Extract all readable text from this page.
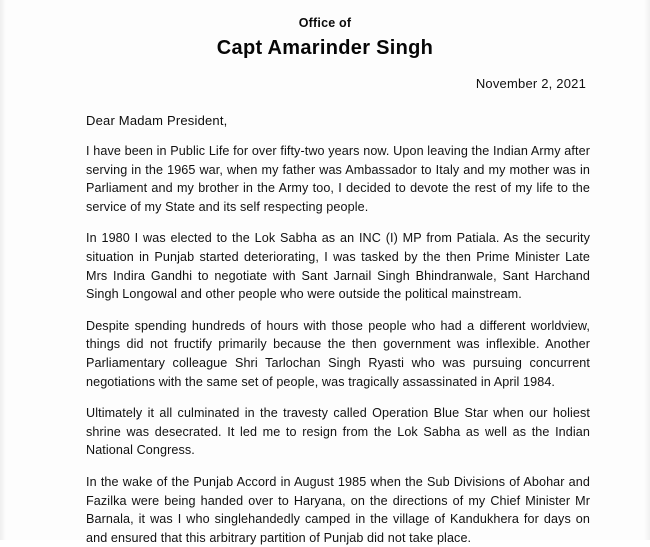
Office of
Capt Amarinder Singh
November 2, 2021
Dear Madam President,

I have been in Public Life for over fifty-two years now. Upon leaving the Indian Army after serving in the 1965 war, when my father was Ambassador to Italy and my mother was in Parliament and my brother in the Army too, I decided to devote the rest of my life to the service of my State and its self respecting people.

In 1980 I was elected to the Lok Sabha as an INC (I) MP from Patiala. As the security situation in Punjab started deteriorating, I was tasked by the then Prime Minister Late Mrs Indira Gandhi to negotiate with Sant Jarnail Singh Bhindranwale, Sant Harchand Singh Longowal and other people who were outside the political mainstream.

Despite spending hundreds of hours with those people who had a different worldview, things did not fructify primarily because the then government was inflexible. Another Parliamentary colleague Shri Tarlochan Singh Ryasti who was pursuing concurrent negotiations with the same set of people, was tragically assassinated in April 1984.

Ultimately it all culminated in the travesty called Operation Blue Star when our holiest shrine was desecrated. It led me to resign from the Lok Sabha as well as the Indian National Congress.

In the wake of the Punjab Accord in August 1985 when the Sub Divisions of Abohar and Fazilka were being handed over to Haryana, on the directions of my Chief Minister Mr Barnala, it was I who singlehandedly camped in the village of Kandukhera for days on and ensured that this arbitrary partition of Punjab did not take place.
